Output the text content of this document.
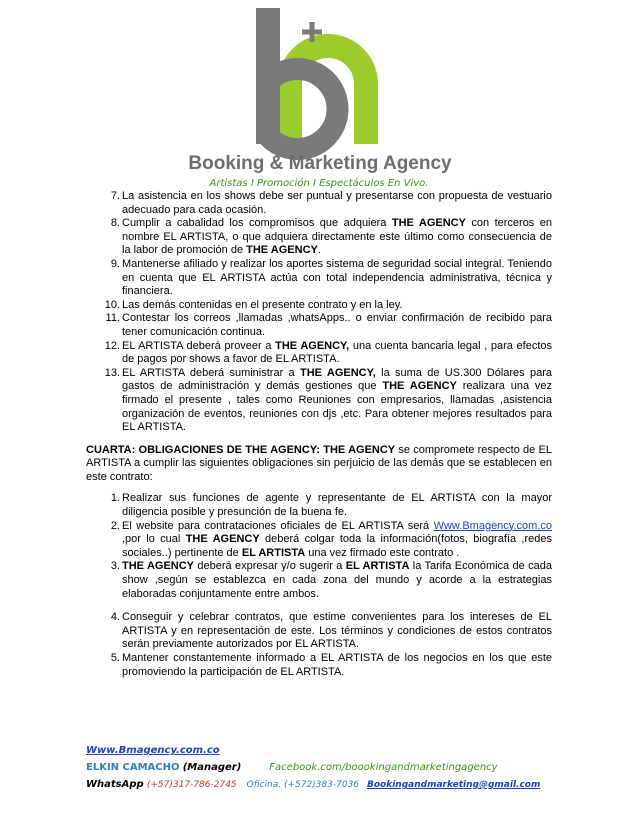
Booking & Marketing Agency
Artistas I Promoción I Espectáculos En Vivo.
7. La asistencia en los shows debe ser puntual y presentarse con propuesta de vestuario adecuado para cada ocasión.
8. Cumplir a cabalidad los compromisos que adquiera THE AGENCY con terceros en nombre EL ARTISTA, o que adquiera directamente este último como consecuencia de la labor de promoción de THE AGENCY.
9. Mantenerse afiliado y realizar los aportes sistema de seguridad social integral. Teniendo en cuenta que EL ARTISTA actúa con total independencia administrativa, técnica y financiera.
10. Las demás contenidas en el presente contrato y en la ley.
11. Contestar los correos ,llamadas ,whatsApps.. o enviar confirmación de recibido para tener comunicación continua.
12. EL ARTISTA deberá proveer a THE AGENCY, una cuenta bancaria legal , para efectos de pagos por shows a favor de EL ARTISTA.
13. EL ARTISTA deberá suministrar a THE AGENCY, la suma de US.300 Dólares para gastos de administración y demás gestiones que THE AGENCY realizara una vez firmado el presente , tales como Reuniones con empresarios, llamadas ,asistencia organización de eventos, reuniones con djs ,etc. Para obtener mejores resultados para EL ARTISTA.

CUARTA: OBLIGACIONES DE THE AGENCY: THE AGENCY se compromete respecto de EL ARTISTA a cumplir las siguientes obligaciones sin perjuicio de las demás que se establecen en este contrato:

1. Realizar sus funciones de agente y representante de EL ARTISTA con la mayor diligencia posible y presunción de la buena fe.
2. El website para contrataciones oficiales de EL ARTISTA será Www.Bmagency.com.co ,por lo cual THE AGENCY deberá colgar toda la información(fotos, biografía ,redes sociales..) pertinente de EL ARTISTA una vez firmado este contrato .
3. THE AGENCY deberá expresar y/o sugerir a EL ARTISTA la Tarifa Económica de cada show ,según se establezca en cada zona del mundo y acorde a la estrategias elaboradas conjuntamente entre ambos.
4. Conseguir y celebrar contratos, que estime convenientes para los intereses de EL ARTISTA y en representación de este. Los términos y condiciones de estos contratos serán previamente autorizados por EL ARTISTA.
5. Mantener constantemente informado a EL ARTISTA de los negocios en los que este promoviendo la participación de EL ARTISTA.
Www.Bmagency.com.co
ELKIN CAMACHO (Manager)	Facebook.com/boookingandmarketingagency
WhatsApp (+57)317-786-2745 Oficina. (+572)383-7036 Bookingandmarketing@gmail.com
